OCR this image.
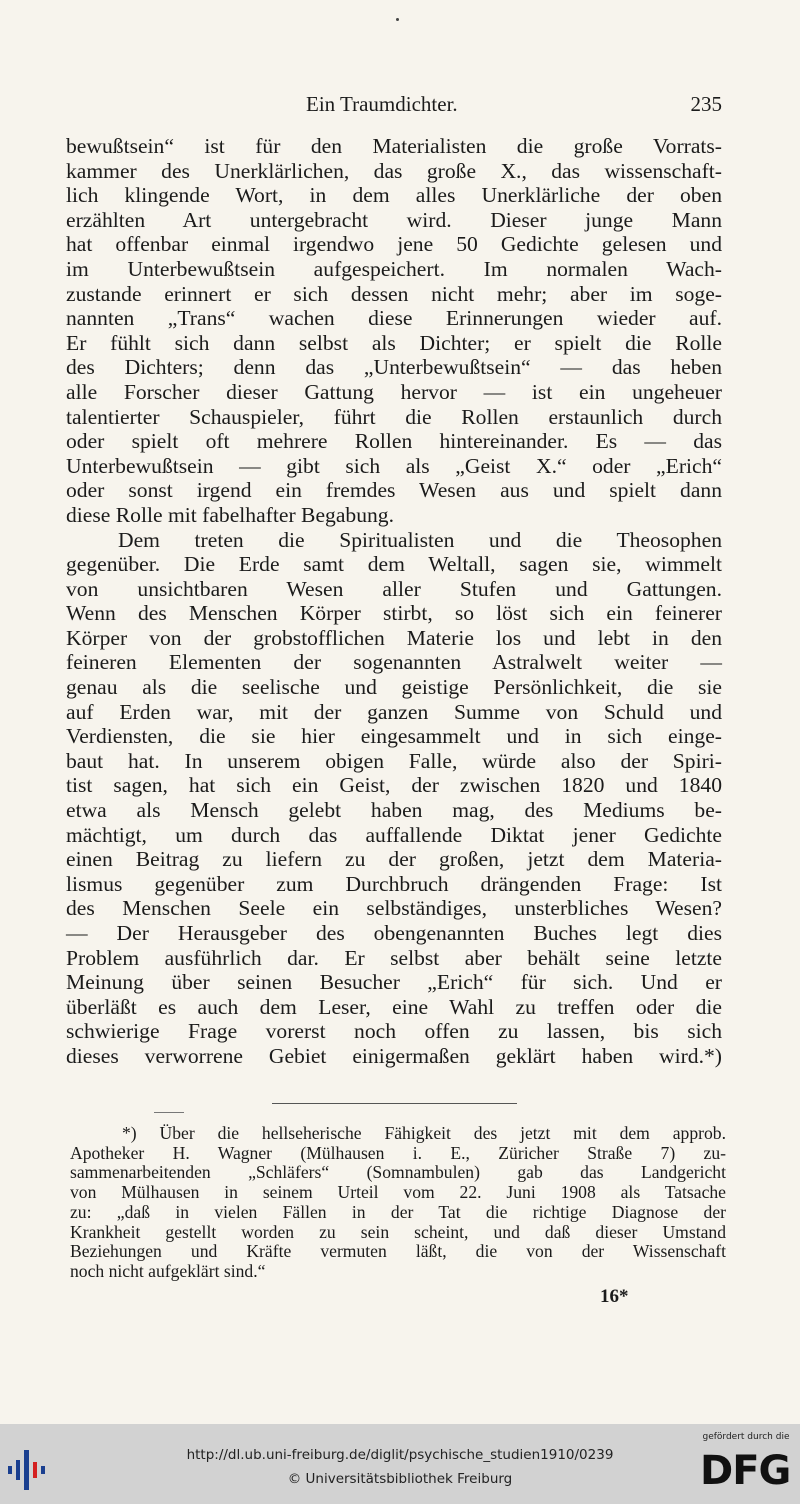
Ein Traumdichter.	235
bewußtsein“ ist für den Materialisten die große Vorrats-
kammer des Unerklärlichen, das große X., das wissenschaft-
lich klingende Wort, in dem alles Unerklärliche der oben
erzählten Art untergebracht wird. Dieser junge Mann
hat offenbar einmal irgendwo jene 50 Gedichte gelesen und
im Unterbewußtsein aufgespeichert. Im normalen Wach-
zustande erinnert er sich dessen nicht mehr; aber im soge-
nannten „Trans“ wachen diese Erinnerungen wieder auf.
Er fühlt sich dann selbst als Dichter; er spielt die Rolle
des Dichters; denn das „Unterbewußtsein“ — das heben
alle Forscher dieser Gattung hervor — ist ein ungeheuer
talentierter Schauspieler, führt die Rollen erstaunlich durch
oder spielt oft mehrere Rollen hintereinander. Es — das
Unterbewußtsein — gibt sich als „Geist X.“ oder „Erich“
oder sonst irgend ein fremdes Wesen aus und spielt dann
diese Rolle mit fabelhafter Begabung.
Dem treten die Spiritualisten und die Theosophen
gegenüber. Die Erde samt dem Weltall, sagen sie, wimmelt
von unsichtbaren Wesen aller Stufen und Gattungen.
Wenn des Menschen Körper stirbt, so löst sich ein feinerer
Körper von der grobstofflichen Materie los und lebt in den
feineren Elementen der sogenannten Astralwelt weiter —
genau als die seelische und geistige Persönlichkeit, die sie
auf Erden war, mit der ganzen Summe von Schuld und
Verdiensten, die sie hier eingesammelt und in sich einge-
baut hat. In unserem obigen Falle, würde also der Spiri-
tist sagen, hat sich ein Geist, der zwischen 1820 und 1840
etwa als Mensch gelebt haben mag, des Mediums be-
mächtigt, um durch das auffallende Diktat jener Gedichte
einen Beitrag zu liefern zu der großen, jetzt dem Materia-
lismus gegenüber zum Durchbruch drängenden Frage: Ist
des Menschen Seele ein selbständiges, unsterbliches Wesen?
— Der Herausgeber des obengenannten Buches legt dies
Problem ausführlich dar. Er selbst aber behält seine letzte
Meinung über seinen Besucher „Erich“ für sich. Und er
überläßt es auch dem Leser, eine Wahl zu treffen oder die
schwierige Frage vorerst noch offen zu lassen, bis sich
dieses verworrene Gebiet einigermaßen geklärt haben wird.*)
*) Über die hellseherische Fähigkeit des jetzt mit dem approb.
Apotheker H. Wagner (Mülhausen i. E., Züricher Straße 7) zu-
sammenarbeitenden „Schläfers“ (Somnambulen) gab das Landgericht
von Mülhausen in seinem Urteil vom 22. Juni 1908 als Tatsache
zu: „daß in vielen Fällen in der Tat die richtige Diagnose der
Krankheit gestellt worden zu sein scheint, und daß dieser Umstand
Beziehungen und Kräfte vermuten läßt, die von der Wissenschaft
noch nicht aufgeklärt sind.“
16*
http://dl.ub.uni-freiburg.de/diglit/psychische_studien1910/0239
© Universitätsbibliothek Freiburg
gefördert durch die
DFG
